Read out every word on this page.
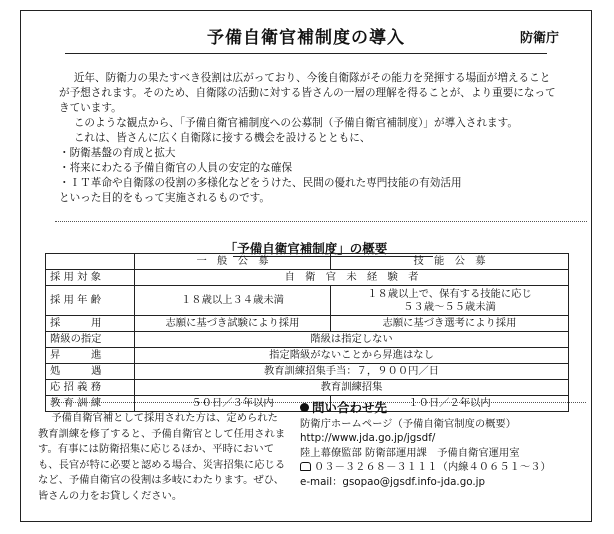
予備自衛官補制度の導入	防衛庁

近年、防衛力の果たすべき役割は広がっており、今後自衛隊がその能力を発揮する場面が増えることが予想されます。そのため、自衛隊の活動に対する皆さんの一層の理解を得ることが、より重要になってきています。

このような観点から、「予備自衛官補制度への公募制（予備自衛官補制度）」が導入されます。

これは、皆さんに広く自衛隊に接する機会を設けるとともに、

・防衛基盤の育成と拡大

・将来にわたる予備自衛官の人員の安定的な確保

・ＩＴ革命や自衛隊の役割の多様化などをうけた、民間の優れた専門技能の有効活用

といった目的をもって実施されるものです。

「予備自衛官補制度」の概要
	一　般　公　募	技　能　公　募
採 用 対 象	自　衛　官　未　経　験　者	
採 用 年 齢	１８歳以上３４歳未満	１８歳以上で、保有する技能に応じ
５３歳～５５歳未満

採　　　用	志願に基づき試験により採用	志願に基づき選考により採用
階級の指定	階級は指定しない	
昇　　　進	指定階級がないことから昇進はなし	
処　　　遇	教育訓練招集手当：７，９００円／日	
応 招 義 務	教育訓練招集	
教 育 訓 練	５０日／３年以内	１０日／２年以内
予備自衛官補として採用された方は、定められた教育訓練を修了すると、予備自衛官として任用されます。有事には防衛招集に応じるほか、平時においても、長官が特に必要と認める場合、災害招集に応じるなど、予備自衛官の役割は多岐にわたります。ぜひ、皆さんの力をお貸しください。
問い合わせ先
防衛庁ホームページ（予備自衛官制度の概要）
http://www.jda.go.jp/jgsdf/
陸上幕僚監部 防衛部運用課　予備自衛官運用室
０３－３２６８－３１１１（内線４０６５１～３）
e-mail：gsopao@jgsdf.info-jda.go.jp
